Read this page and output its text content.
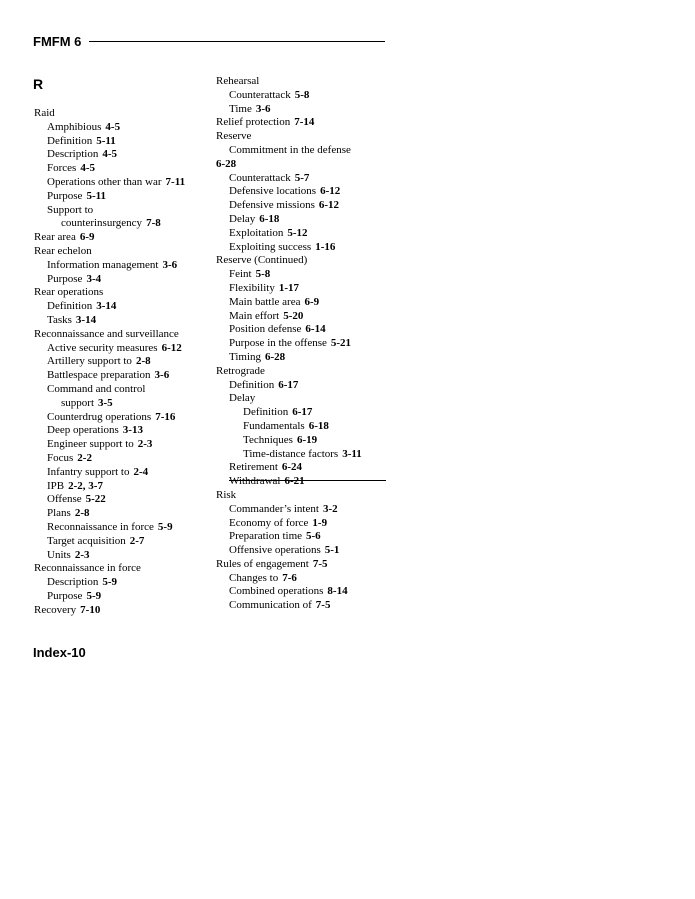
FMFM 6
R
Raid
Amphibious 4-5
Definition 5-11
Description 4-5
Forces 4-5
Operations other than war 7-11
Purpose 5-11
Support to
counterinsurgency 7-8
Rear area 6-9
Rear echelon
Information management 3-6
Purpose 3-4
Rear operations
Definition 3-14
Tasks 3-14
Reconnaissance and surveillance
Active security measures 6-12
Artillery support to 2-8
Battlespace preparation 3-6
Command and control
support 3-5
Counterdrug operations 7-16
Deep operations 3-13
Engineer support to 2-3
Focus 2-2
Infantry support to 2-4
IPB 2-2, 3-7
Offense 5-22
Plans 2-8
Reconnaissance in force 5-9
Target acquisition 2-7
Units 2-3
Reconnaissance in force
Description 5-9
Purpose 5-9
Recovery 7-10
Rehearsal
Counterattack 5-8
Time 3-6
Relief protection 7-14
Reserve
Commitment in the defense
6-28
Counterattack 5-7
Defensive locations 6-12
Defensive missions 6-12
Delay 6-18
Exploitation 5-12
Exploiting success 1-16
Reserve (Continued)
Feint 5-8
Flexibility 1-17
Main battle area 6-9
Main effort 5-20
Position defense 6-14
Purpose in the offense 5-21
Timing 6-28
Retrograde
Definition 6-17
Delay
Definition 6-17
Fundamentals 6-18
Techniques 6-19
Time-distance factors 3-11
Retirement 6-24
Withdrawal 6-21
Risk
Commander’s intent 3-2
Economy of force 1-9
Preparation time 5-6
Offensive operations 5-1
Rules of engagement 7-5
Changes to 7-6
Combined operations 8-14
Communication of 7-5
Index-10
